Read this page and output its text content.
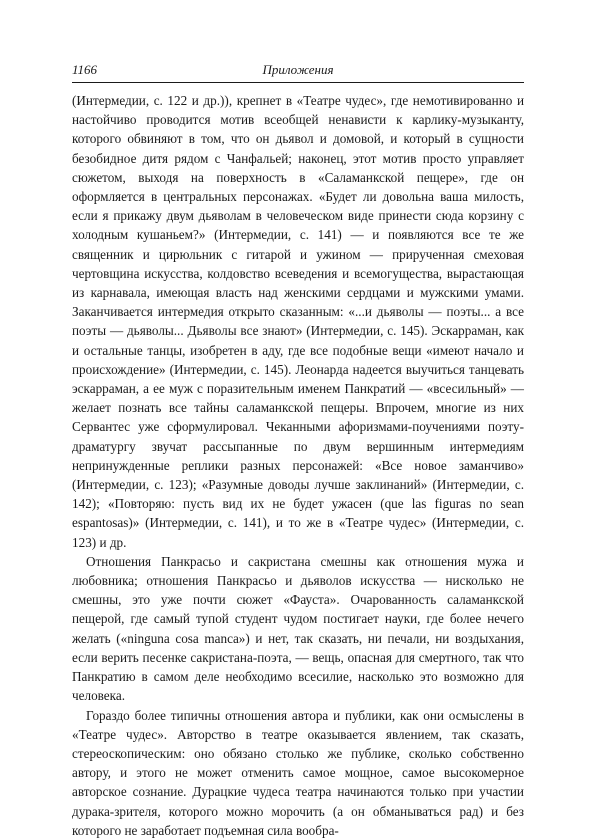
1166	Приложения

(Интермедии, с. 122 и др.)), крепнет в «Театре чудес», где немотивированно и настойчиво проводится мотив всеобщей ненависти к карлику-музыканту, которого обвиняют в том, что он дьявол и домовой, и который в сущности безобидное дитя рядом с Чанфальей; наконец, этот мотив просто управляет сюжетом, выходя на поверхность в «Саламанкской пещере», где он оформляется в центральных персонажах. «Будет ли довольна ваша милость, если я прикажу двум дьяволам в человеческом виде принести сюда корзину с холодным кушаньем?» (Интермедии, с. 141) — и появляются все те же священник и цирюльник с гитарой и ужином — прирученная смеховая чертовщина искусства, колдовство всеведения и всемогущества, вырастающая из карнавала, имеющая власть над женскими сердцами и мужскими умами. Заканчивается интермедия открыто сказанным: «...и дьяволы — поэты... а все поэты — дьяволы... Дьяволы все знают» (Интермедии, с. 145). Эскарраман, как и остальные танцы, изобретен в аду, где все подобные вещи «имеют начало и происхождение» (Интермедии, с. 145). Леонарда надеется выучиться танцевать эскарраман, а ее муж с поразительным именем Панкратий — «всесильный» — желает познать все тайны саламанкской пещеры. Впрочем, многие из них Сервантес уже сформулировал. Чеканными афоризмами-поучениями поэту-драматургу звучат рассыпанные по двум вершинным интермедиям непринужденные реплики разных персонажей: «Все новое заманчиво» (Интермедии, с. 123); «Разумные доводы лучше заклинаний» (Интермедии, с. 142); «Повторяю: пусть вид их не будет ужасен (que las figuras no sean espantosas)» (Интермедии, с. 141), и то же в «Театре чудес» (Интермедии, с. 123) и др.

Отношения Панкрасьо и сакристана смешны как отношения мужа и любовника; отношения Панкрасьо и дьяволов искусства — нисколько не смешны, это уже почти сюжет «Фауста». Очарованность саламанкской пещерой, где самый тупой студент чудом постигает науки, где более нечего желать («ninguna cosa manca») и нет, так сказать, ни печали, ни воздыхания, если верить песенке сакристана-поэта, — вещь, опасная для смертного, так что Панкратию в самом деле необходимо всесилие, насколько это возможно для человека.

Гораздо более типичны отношения автора и публики, как они осмыслены в «Театре чудес». Авторство в театре оказывается явлением, так сказать, стереоскопическим: оно обязано столько же публике, сколько собственно автору, и этого не может отменить самое мощное, самое высокомерное авторское сознание. Дурацкие чудеса театра начинаются только при участии дурака-зрителя, которого можно морочить (а он обманываться рад) и без которого не заработает подъемная сила вообра-
